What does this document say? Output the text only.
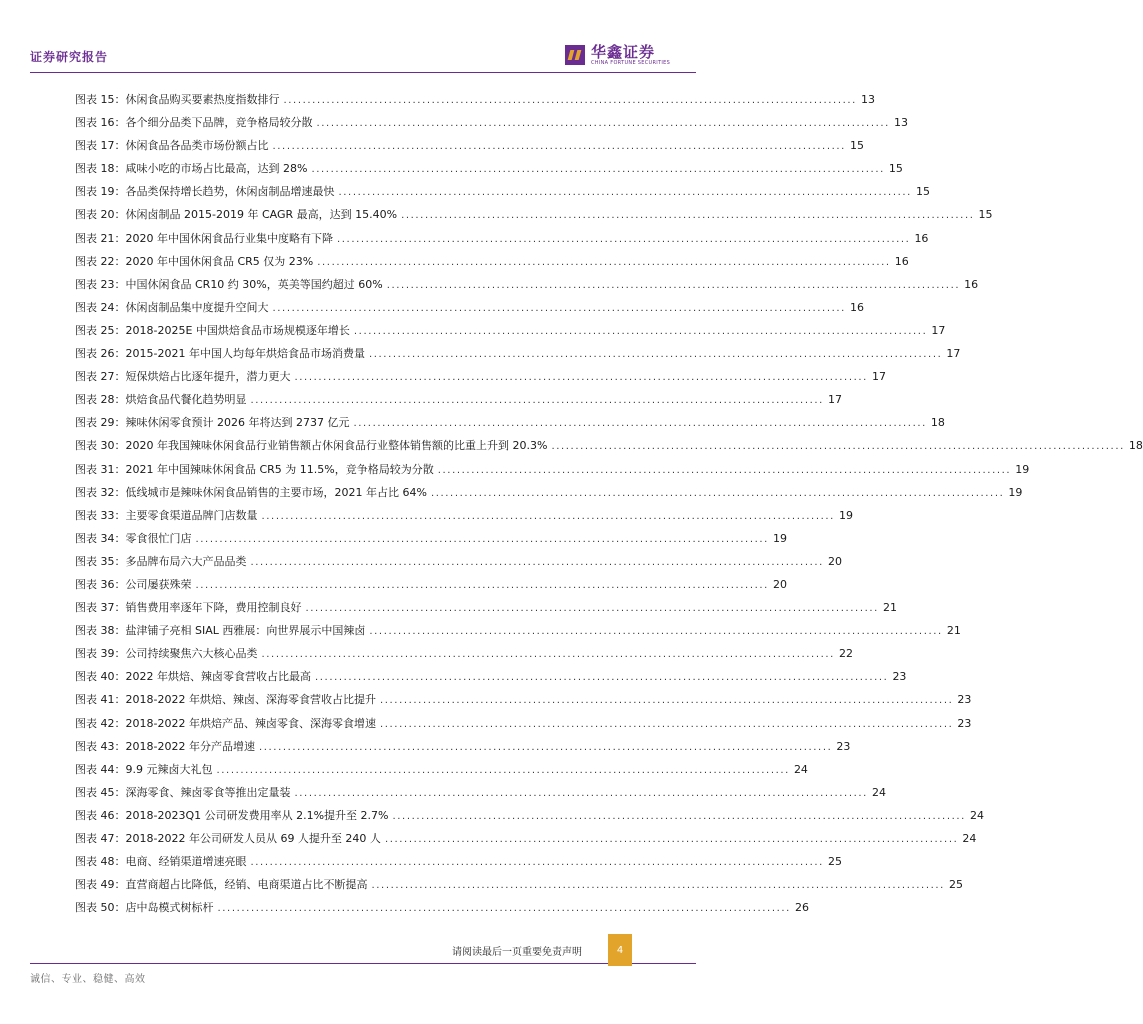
证券研究报告	华鑫证券
CHINA FORTUNE SECURITIES
图表 15：休闲食品购买要素热度指数排行 ........................................................................................................................ 13
图表 16：各个细分品类下品牌，竞争格局较分散 ........................................................................................................................ 13
图表 17：休闲食品各品类市场份额占比 ........................................................................................................................ 15
图表 18：咸味小吃的市场占比最高，达到 28% ........................................................................................................................ 15
图表 19：各品类保持增长趋势，休闲卤制品增速最快 ........................................................................................................................ 15
图表 20：休闲卤制品 2015-2019 年 CAGR 最高，达到 15.40% ........................................................................................................................ 15
图表 21：2020 年中国休闲食品行业集中度略有下降 ........................................................................................................................ 16
图表 22：2020 年中国休闲食品 CR5 仅为 23% ........................................................................................................................ 16
图表 23：中国休闲食品 CR10 约 30%，英美等国约超过 60% ........................................................................................................................ 16
图表 24：休闲卤制品集中度提升空间大 ........................................................................................................................ 16
图表 25：2018-2025E 中国烘焙食品市场规模逐年增长 ........................................................................................................................ 17
图表 26：2015-2021 年中国人均每年烘焙食品市场消费量 ........................................................................................................................ 17
图表 27：短保烘焙占比逐年提升，潜力更大 ........................................................................................................................ 17
图表 28：烘焙食品代餐化趋势明显 ........................................................................................................................ 17
图表 29：辣味休闲零食预计 2026 年将达到 2737 亿元 ........................................................................................................................ 18
图表 30：2020 年我国辣味休闲食品行业销售额占休闲食品行业整体销售额的比重上升到 20.3% ........................................................................................................................ 18
图表 31：2021 年中国辣味休闲食品 CR5 为 11.5%，竞争格局较为分散 ........................................................................................................................ 19
图表 32：低线城市是辣味休闲食品销售的主要市场，2021 年占比 64% ........................................................................................................................ 19
图表 33：主要零食渠道品牌门店数量 ........................................................................................................................ 19
图表 34：零食很忙门店 ........................................................................................................................ 19
图表 35：多品牌布局六大产品品类 ........................................................................................................................ 20
图表 36：公司屡获殊荣 ........................................................................................................................ 20
图表 37：销售费用率逐年下降，费用控制良好 ........................................................................................................................ 21
图表 38：盐津铺子亮相 SIAL 西雅展：向世界展示中国辣卤 ........................................................................................................................ 21
图表 39：公司持续聚焦六大核心品类 ........................................................................................................................ 22
图表 40：2022 年烘焙、辣卤零食营收占比最高 ........................................................................................................................ 23
图表 41：2018-2022 年烘焙、辣卤、深海零食营收占比提升 ........................................................................................................................ 23
图表 42：2018-2022 年烘焙产品、辣卤零食、深海零食增速 ........................................................................................................................ 23
图表 43：2018-2022 年分产品增速 ........................................................................................................................ 23
图表 44：9.9 元辣卤大礼包 ........................................................................................................................ 24
图表 45：深海零食、辣卤零食等推出定量装 ........................................................................................................................ 24
图表 46：2018-2023Q1 公司研发费用率从 2.1%提升至 2.7% ........................................................................................................................ 24
图表 47：2018-2022 年公司研发人员从 69 人提升至 240 人 ........................................................................................................................ 24
图表 48：电商、经销渠道增速亮眼 ........................................................................................................................ 25
图表 49：直营商超占比降低，经销、电商渠道占比不断提高 ........................................................................................................................ 25
图表 50：店中岛模式树标杆 ........................................................................................................................ 26
请阅读最后一页重要免责声明	4
诚信、专业、稳健、高效
